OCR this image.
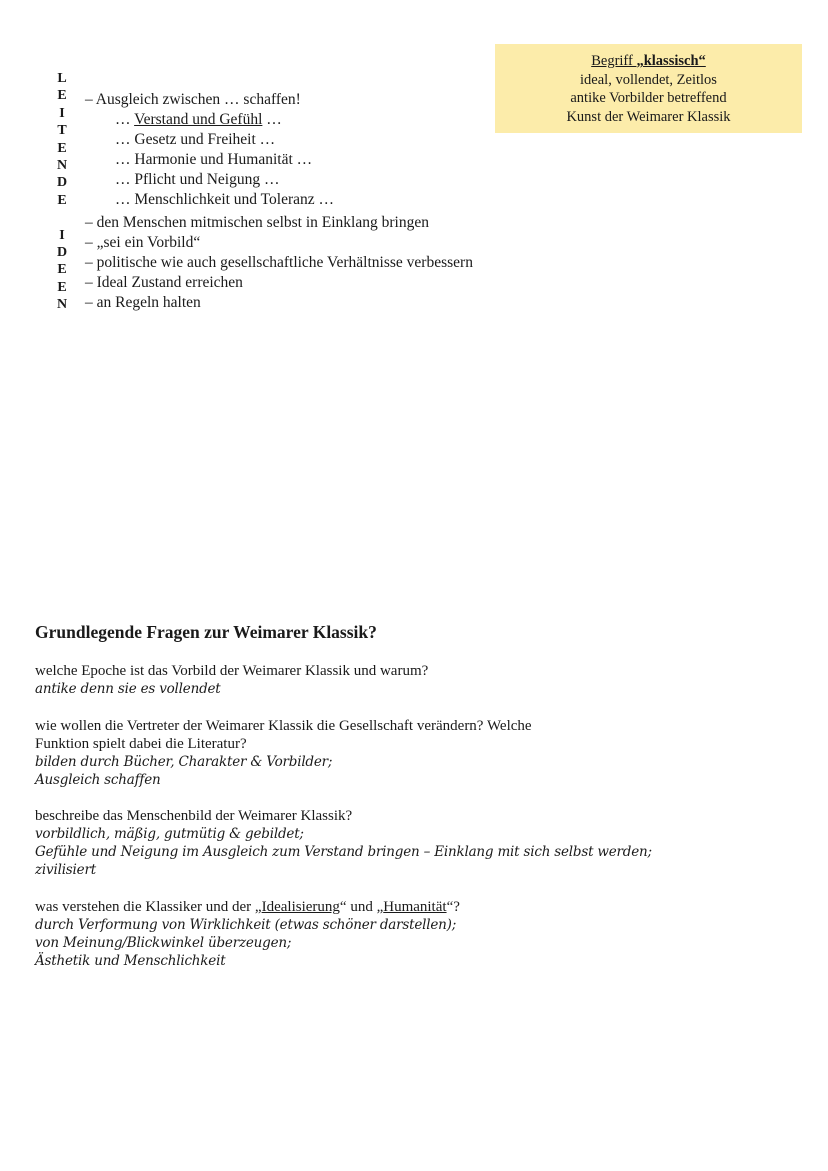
Begriff „klassisch“
ideal, vollendet, Zeitlos
antike Vorbilder betreffend
Kunst der Weimarer Klassik
L
E
I
T
E
N
D
E
I
D
E
E
N
– Ausgleich zwischen … schaffen!
… Verstand und Gefühl …
… Gesetz und Freiheit …
… Harmonie und Humanität …
… Pflicht und Neigung …
… Menschlichkeit und Toleranz …
– den Menschen mitmischen selbst in Einklang bringen
– „sei ein Vorbild“
– politische wie auch gesellschaftliche Verhältnisse verbessern
– Ideal Zustand erreichen
– an Regeln halten
Grundlegende Fragen zur Weimarer Klassik?
welche Epoche ist das Vorbild der Weimarer Klassik und warum?
antike denn sie es vollendet
wie wollen die Vertreter der Weimarer Klassik die Gesellschaft verändern? Welche
Funktion spielt dabei die Literatur?
bilden durch Bücher, Charakter & Vorbilder;
Ausgleich schaffen
beschreibe das Menschenbild der Weimarer Klassik?
vorbildlich, mäßig, gutmütig & gebildet;
Gefühle und Neigung im Ausgleich zum Verstand bringen – Einklang mit sich selbst werden;
zivilisiert
was verstehen die Klassiker und der „Idealisierung“ und „Humanität“?
durch Verformung von Wirklichkeit (etwas schöner darstellen);
von Meinung/Blickwinkel überzeugen;
Ästhetik und Menschlichkeit
